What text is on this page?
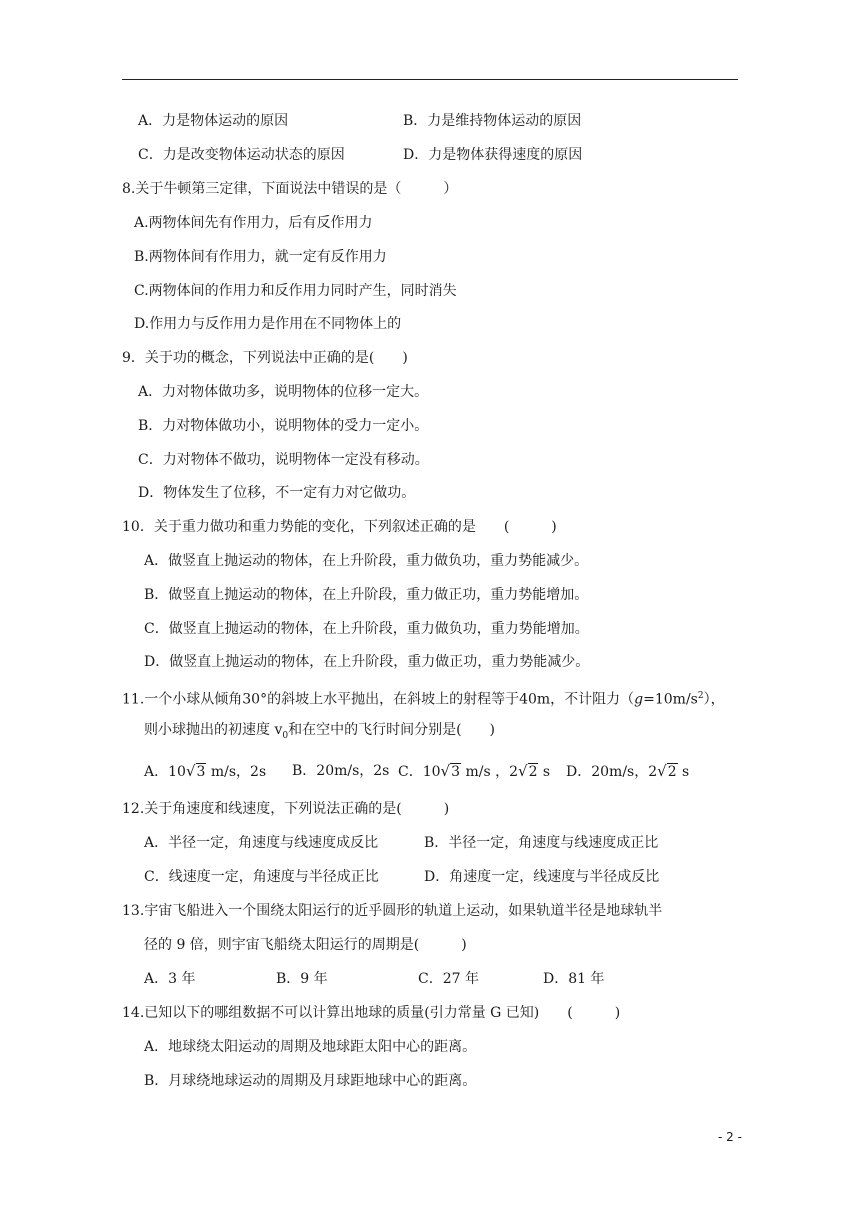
A．力是物体运动的原因	B．力是维持物体运动的原因
C．力是改变物体运动状态的原因	D．力是物体获得速度的原因
8.关于牛顿第三定律，下面说法中错误的是（　　　）
A.两物体间先有作用力，后有反作用力
B.两物体间有作用力，就一定有反作用力
C.两物体间的作用力和反作用力同时产生，同时消失
D.作用力与反作用力是作用在不同物体上的
9．关于功的概念，下列说法中正确的是(　　)
A．力对物体做功多，说明物体的位移一定大。
B．力对物体做功小，说明物体的受力一定小。
C．力对物体不做功，说明物体一定没有移动。
D．物体发生了位移，不一定有力对它做功。
10．关于重力做功和重力势能的变化，下列叙述正确的是　　(　　　)
A．做竖直上抛运动的物体，在上升阶段，重力做负功，重力势能减少。
B．做竖直上抛运动的物体，在上升阶段，重力做正功，重力势能增加。
C．做竖直上抛运动的物体，在上升阶段，重力做负功，重力势能增加。
D．做竖直上抛运动的物体，在上升阶段，重力做正功，重力势能减少。
11.一个小球从倾角30°的斜坡上水平抛出，在斜坡上的射程等于40m，不计阻力$(g=10m/s^2)$，
则小球抛出的初速度 $v_0$和在空中的飞行时间分别是(　　)
A．10√3 m/s，2s B．20m/s，2s C．10√3 m/s ，2√2 s D．20m/s，2√2 s
12.关于角速度和线速度，下列说法正确的是(　　　)
A．半径一定，角速度与线速度成反比	B．半径一定，角速度与线速度成正比
C．线速度一定，角速度与半径成正比	D．角速度一定，线速度与半径成反比
13.宇宙飞船进入一个围绕太阳运行的近乎圆形的轨道上运动，如果轨道半径是地球轨半
径的 9 倍，则宇宙飞船绕太阳运行的周期是(　　　)
A．3 年	B．9 年	C．27 年	D．81 年
14.已知以下的哪组数据不可以计算出地球的质量(引力常量 G 已知)　　(　　　)
A．地球绕太阳运动的周期及地球距太阳中心的距离。
B．月球绕地球运动的周期及月球距地球中心的距离。
- 2 -
